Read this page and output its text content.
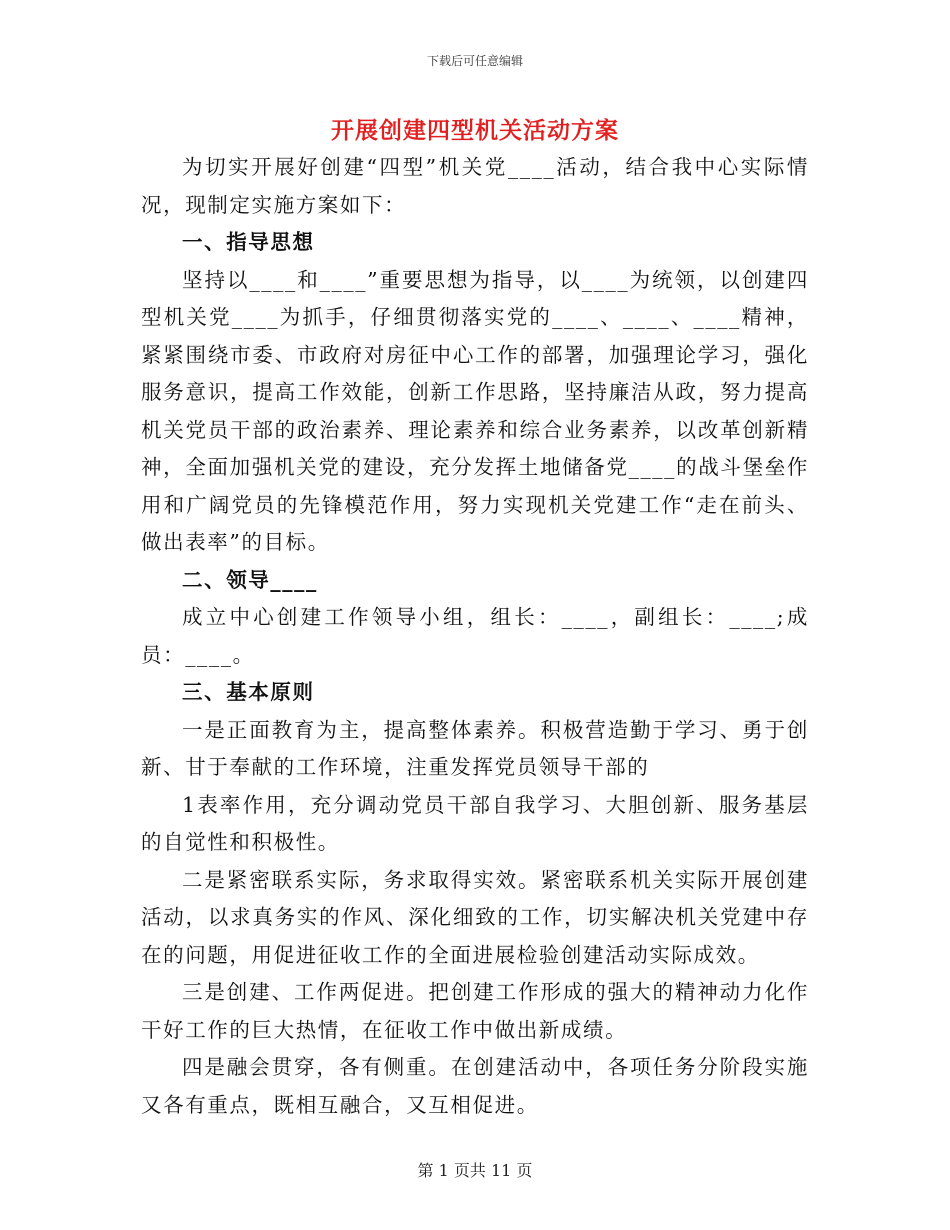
下载后可任意编辑
开展创建四型机关活动方案

为切实开展好创建“四型”机关党____活动，结合我中心实际情况，现制定实施方案如下：

一、指导思想

坚持以____和____”重要思想为指导，以____为统领，以创建四型机关党____为抓手，仔细贯彻落实党的____、____、____精神，紧紧围绕市委、市政府对房征中心工作的部署，加强理论学习，强化服务意识，提高工作效能，创新工作思路，坚持廉洁从政，努力提高机关党员干部的政治素养、理论素养和综合业务素养，以改革创新精神，全面加强机关党的建设，充分发挥土地储备党____的战斗堡垒作用和广阔党员的先锋模范作用，努力实现机关党建工作“走在前头、做出表率”的目标。

二、领导____

成立中心创建工作领导小组，组长：____，副组长：____;成员：____。

三、基本原则

一是正面教育为主，提高整体素养。积极营造勤于学习、勇于创新、甘于奉献的工作环境，注重发挥党员领导干部的

1表率作用，充分调动党员干部自我学习、大胆创新、服务基层的自觉性和积极性。

二是紧密联系实际，务求取得实效。紧密联系机关实际开展创建活动，以求真务实的作风、深化细致的工作，切实解决机关党建中存在的问题，用促进征收工作的全面进展检验创建活动实际成效。

三是创建、工作两促进。把创建工作形成的强大的精神动力化作干好工作的巨大热情，在征收工作中做出新成绩。

四是融会贯穿，各有侧重。在创建活动中，各项任务分阶段实施又各有重点，既相互融合，又互相促进。

第 1 页共 11 页
